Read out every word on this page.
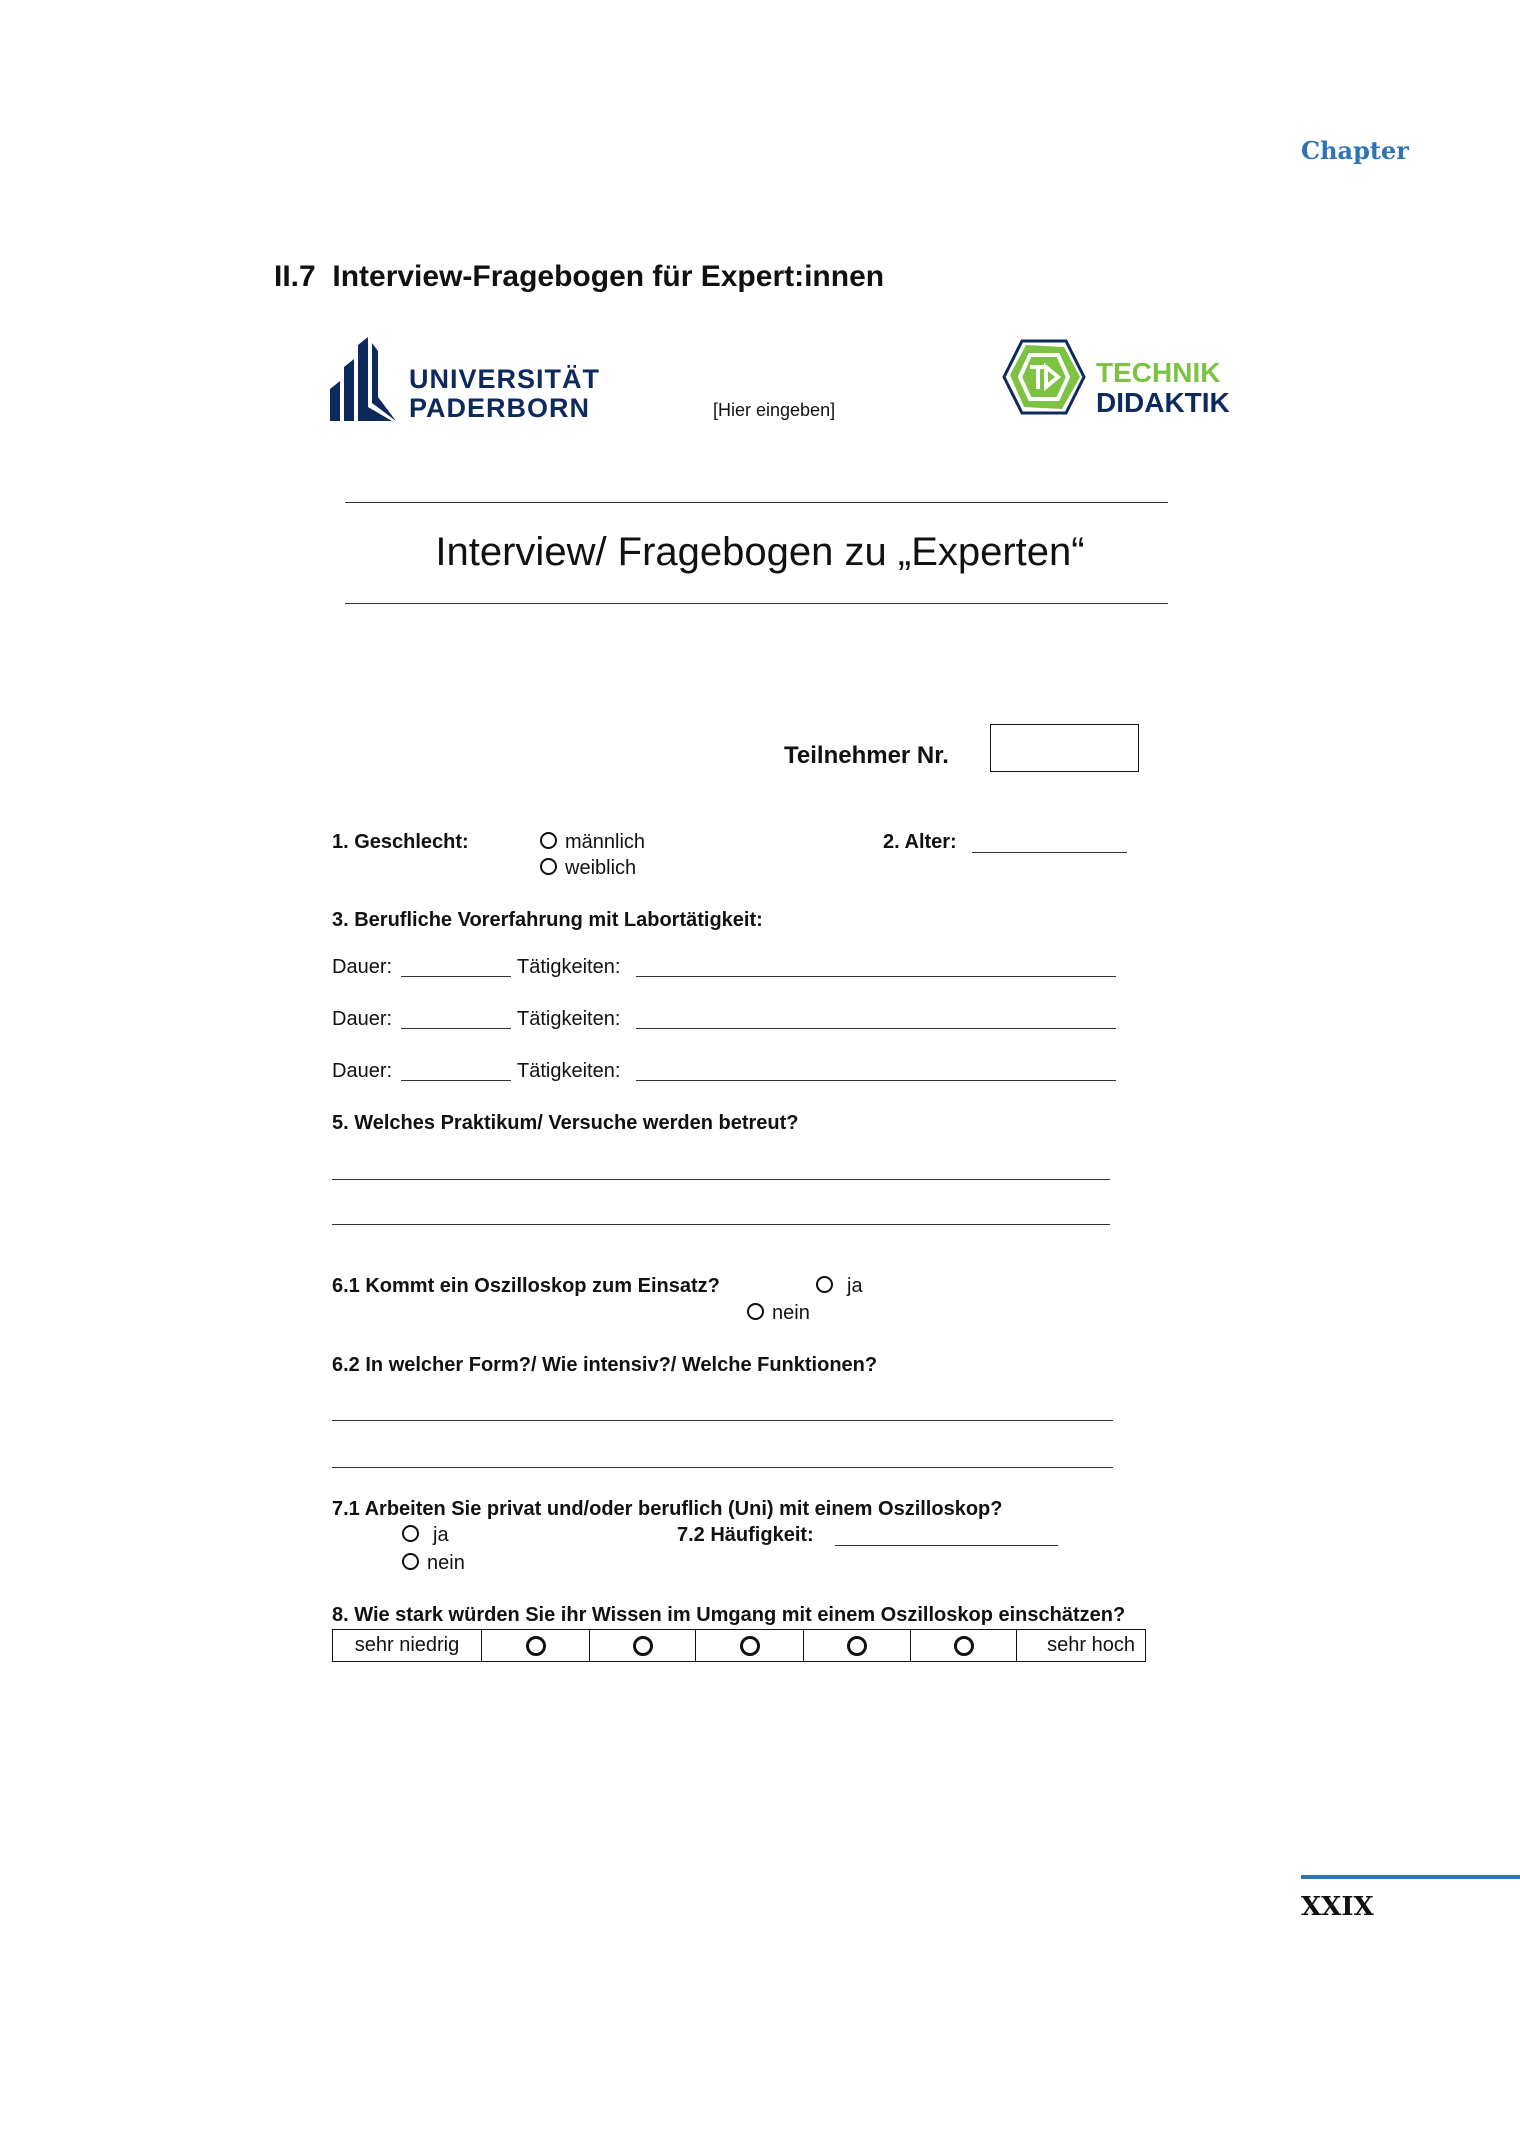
Chapter
II.7  Interview-Fragebogen für Expert:innen
UNIVERSITÄT
PADERBORN	[Hier eingeben]
TECHNIK
DIDAKTIK
Interview/ Fragebogen zu „Experten“
Teilnehmer Nr.
1. Geschlecht:	männlich
weiblich
2. Alter:
3. Berufliche Vorerfahrung mit Labortätigkeit:
Dauer:	Tätigkeiten:
Dauer:	Tätigkeiten:
Dauer:	Tätigkeiten:
5. Welches Praktikum/ Versuche werden betreut?
6.1 Kommt ein Oszilloskop zum Einsatz?	ja
nein
6.2 In welcher Form?/ Wie intensiv?/ Welche Funktionen?
7.1 Arbeiten Sie privat und/oder beruflich (Uni) mit einem Oszilloskop?
ja
nein
7.2 Häufigkeit:
8. Wie stark würden Sie ihr Wissen im Umgang mit einem Oszilloskop einschätzen?
sehr niedrig	sehr hoch
XXIX
